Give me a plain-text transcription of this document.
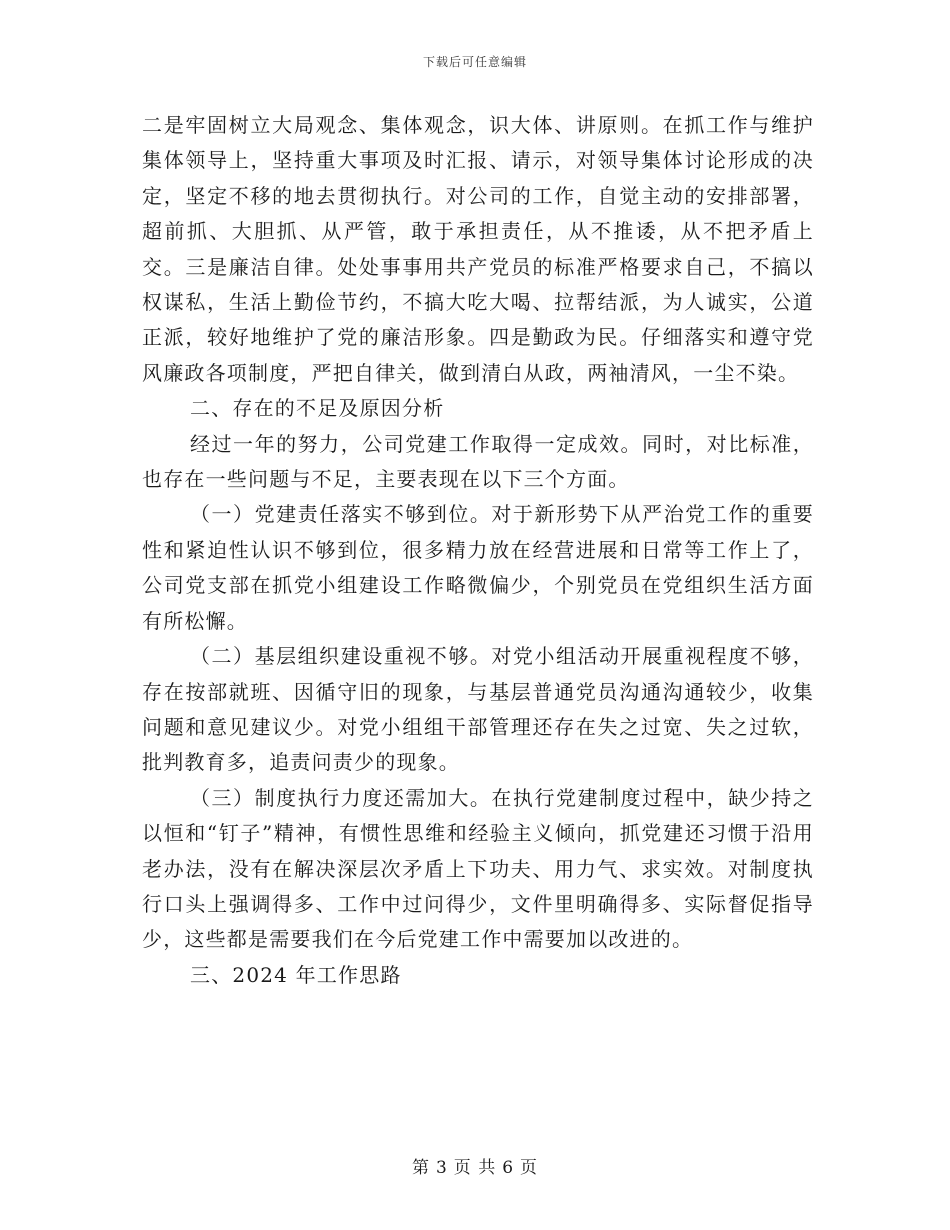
下载后可任意编辑

二是牢固树立大局观念、集体观念，识大体、讲原则。在抓工作与维护集体领导上，坚持重大事项及时汇报、请示，对领导集体讨论形成的决定，坚定不移的地去贯彻执行。对公司的工作，自觉主动的安排部署，超前抓、大胆抓、从严管，敢于承担责任，从不推诿，从不把矛盾上交。三是廉洁自律。处处事事用共产党员的标准严格要求自己，不搞以权谋私，生活上勤俭节约，不搞大吃大喝、拉帮结派，为人诚实，公道正派，较好地维护了党的廉洁形象。四是勤政为民。仔细落实和遵守党风廉政各项制度，严把自律关，做到清白从政，两袖清风，一尘不染。

二、存在的不足及原因分析

经过一年的努力，公司党建工作取得一定成效。同时，对比标准，也存在一些问题与不足，主要表现在以下三个方面。

（一）党建责任落实不够到位。对于新形势下从严治党工作的重要性和紧迫性认识不够到位，很多精力放在经营进展和日常等工作上了，公司党支部在抓党小组建设工作略微偏少，个别党员在党组织生活方面有所松懈。

（二）基层组织建设重视不够。对党小组活动开展重视程度不够，存在按部就班、因循守旧的现象，与基层普通党员沟通沟通较少，收集问题和意见建议少。对党小组组干部管理还存在失之过宽、失之过软，批判教育多，追责问责少的现象。

（三）制度执行力度还需加大。在执行党建制度过程中，缺少持之以恒和“钉子”精神，有惯性思维和经验主义倾向，抓党建还习惯于沿用老办法，没有在解决深层次矛盾上下功夫、用力气、求实效。对制度执行口头上强调得多、工作中过问得少，文件里明确得多、实际督促指导少，这些都是需要我们在今后党建工作中需要加以改进的。

三、2024 年工作思路

第 3 页 共 6 页
